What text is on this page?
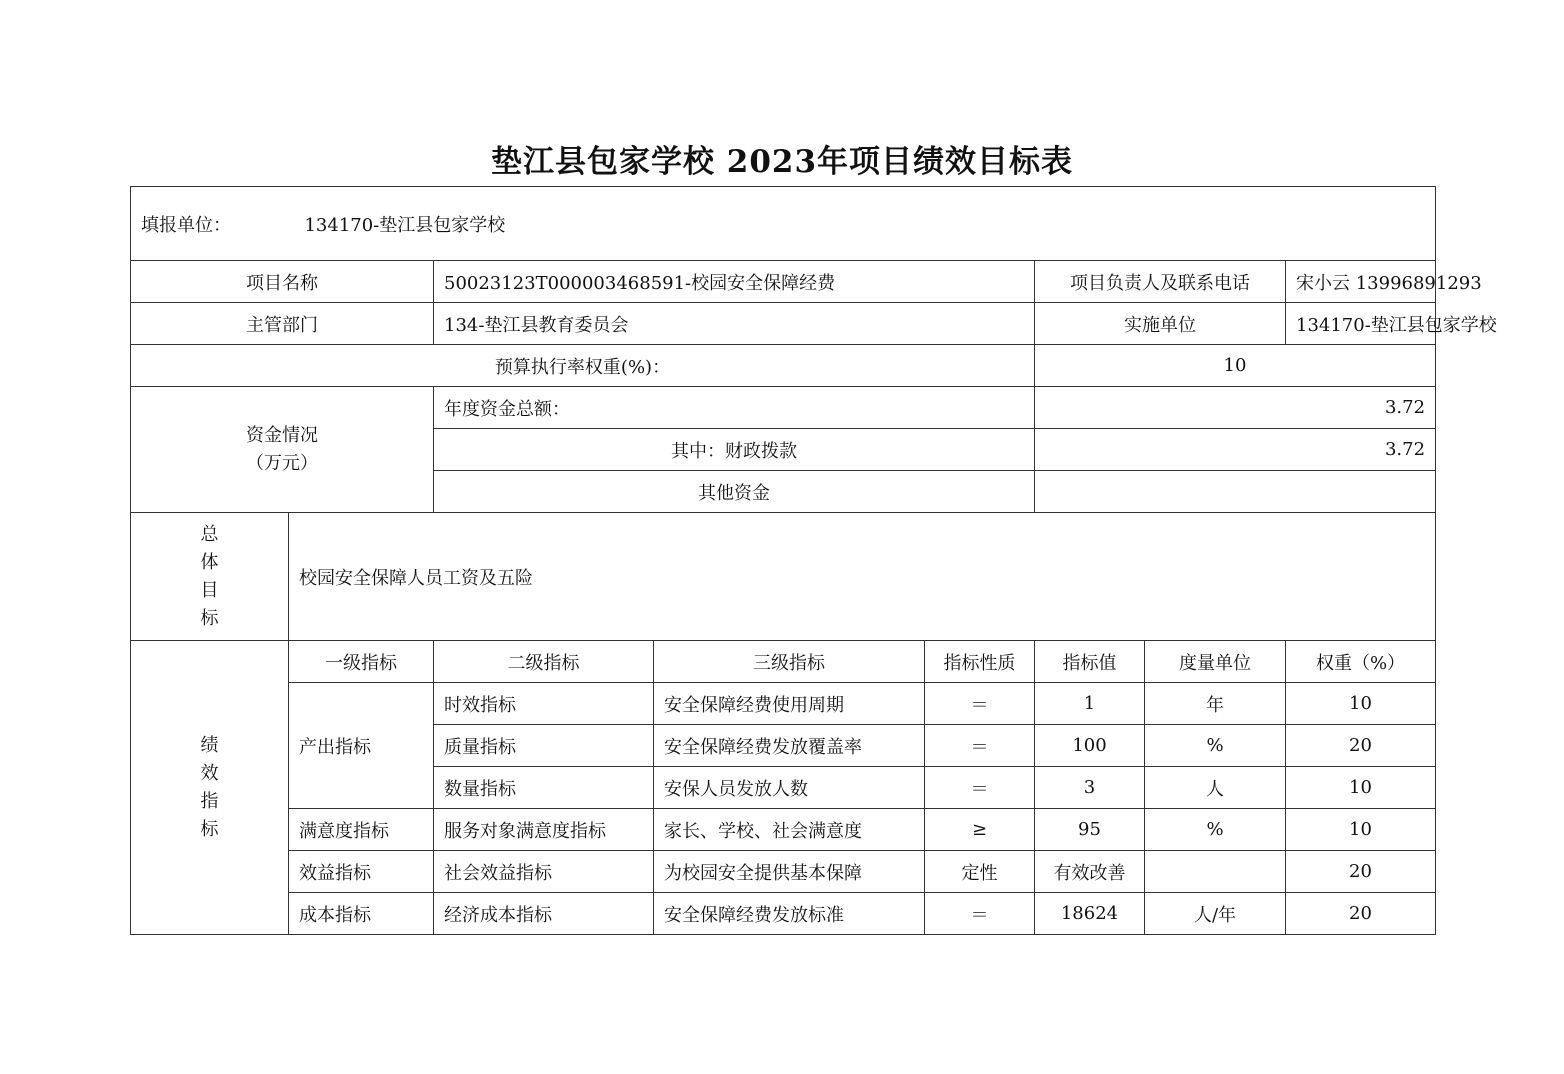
垫江县包家学校 2023年项目绩效目标表
填报单位： 134170-垫江县包家学校							
项目名称		50023123T000003468591-校园安全保障经费			项目负责人及联系电话		宋小云 13996891293
主管部门		134-垫江县教育委员会			实施单位		134170-垫江县包家学校
预算执行率权重(%)：					10		

资金情况
（万元）		年度资金总额：			3.72		
		其中：财政拨款			3.72		
		其他资金					

总
体
目
标	校园安全保障人员工资及五险						

绩
效
指
标	一级指标	二级指标	三级指标	指标性质	指标值	度量单位	权重（%）
	产出指标	时效指标	安全保障经费使用周期	＝	1	年	10
		质量指标	安全保障经费发放覆盖率	＝	100	%	20
		数量指标	安保人员发放人数	＝	3	人	10
	满意度指标	服务对象满意度指标	家长、学校、社会满意度	≥	95	%	10
	效益指标	社会效益指标	为校园安全提供基本保障	定性	有效改善		20
	成本指标	经济成本指标	安全保障经费发放标准	＝	18624	人/年	20
